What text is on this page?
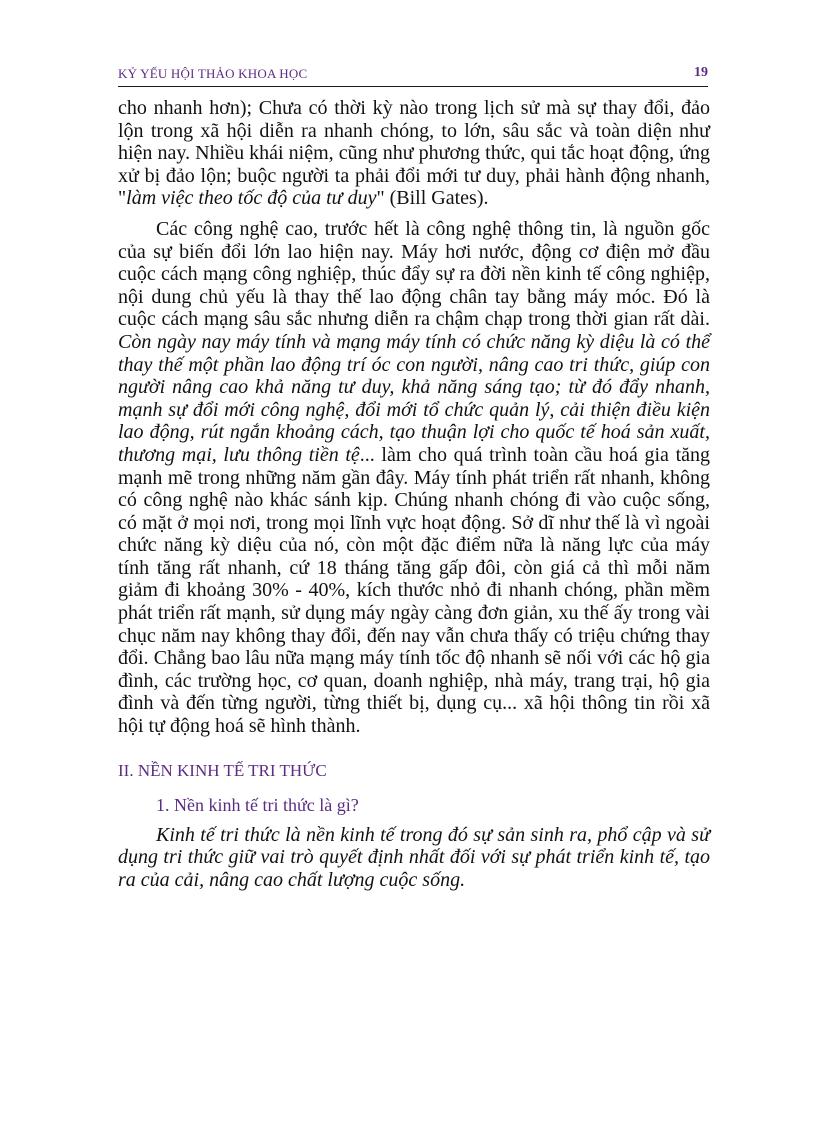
KỶ YẾU HỘI THẢO KHOA HỌC	19

cho nhanh hơn); Chưa có thời kỳ nào trong lịch sử mà sự thay đổi, đảo lộn trong xã hội diễn ra nhanh chóng, to lớn, sâu sắc và toàn diện như hiện nay. Nhiều khái niệm, cũng như phương thức, qui tắc hoạt động, ứng xử bị đảo lộn; buộc người ta phải đổi mới tư duy, phải hành động nhanh, "làm việc theo tốc độ của tư duy" (Bill Gates).

Các công nghệ cao, trước hết là công nghệ thông tin, là nguồn gốc của sự biến đổi lớn lao hiện nay. Máy hơi nước, động cơ điện mở đầu cuộc cách mạng công nghiệp, thúc đẩy sự ra đời nền kinh tế công nghiệp, nội dung chủ yếu là thay thế lao động chân tay bằng máy móc. Đó là cuộc cách mạng sâu sắc nhưng diễn ra chậm chạp trong thời gian rất dài. Còn ngày nay máy tính và mạng máy tính có chức năng kỳ diệu là có thể thay thế một phần lao động trí óc con người, nâng cao tri thức, giúp con người nâng cao khả năng tư duy, khả năng sáng tạo; từ đó đẩy nhanh, mạnh sự đổi mới công nghệ, đổi mới tổ chức quản lý, cải thiện điều kiện lao động, rút ngắn khoảng cách, tạo thuận lợi cho quốc tế hoá sản xuất, thương mại, lưu thông tiền tệ... làm cho quá trình toàn cầu hoá gia tăng mạnh mẽ trong những năm gần đây. Máy tính phát triển rất nhanh, không có công nghệ nào khác sánh kịp. Chúng nhanh chóng đi vào cuộc sống, có mặt ở mọi nơi, trong mọi lĩnh vực hoạt động. Sở dĩ như thế là vì ngoài chức năng kỳ diệu của nó, còn một đặc điểm nữa là năng lực của máy tính tăng rất nhanh, cứ 18 tháng tăng gấp đôi, còn giá cả thì mỗi năm giảm đi khoảng 30% - 40%, kích thước nhỏ đi nhanh chóng, phần mềm phát triển rất mạnh, sử dụng máy ngày càng đơn giản, xu thế ấy trong vài chục năm nay không thay đổi, đến nay vẫn chưa thấy có triệu chứng thay đổi. Chẳng bao lâu nữa mạng máy tính tốc độ nhanh sẽ nối với các hộ gia đình, các trường học, cơ quan, doanh nghiệp, nhà máy, trang trại, hộ gia đình và đến từng người, từng thiết bị, dụng cụ... xã hội thông tin rồi xã hội tự động hoá sẽ hình thành.

II. NỀN KINH TẾ TRI THỨC
1. Nền kinh tế tri thức là gì?

Kinh tế tri thức là nền kinh tế trong đó sự sản sinh ra, phổ cập và sử dụng tri thức giữ vai trò quyết định nhất đối với sự phát triển kinh tế, tạo ra của cải, nâng cao chất lượng cuộc sống.
